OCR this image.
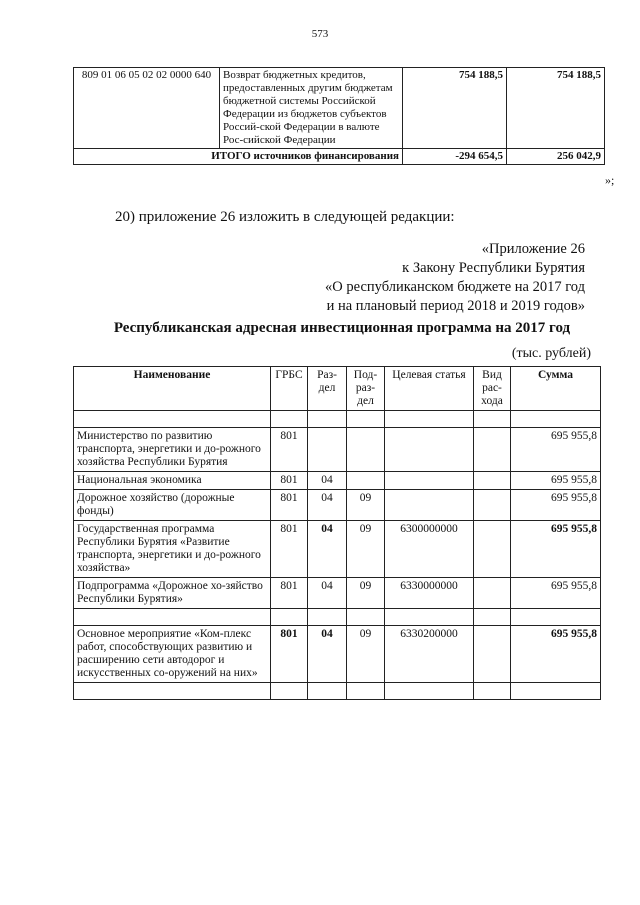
573
809 01 06 05 02 02 0000 640	Возврат бюджетных кредитов, предоставленных другим бюджетам бюджетной системы Российской Федерации из бюджетов субъектов Россий-ской Федерации в валюте Рос-сийской Федерации	754 188,5	754 188,5
ИТОГО источников финансирования		-294 654,5	256 042,9
»;
20) приложение 26 изложить в следующей редакции:
«Приложение 26
к Закону Республики Бурятия
«О республиканском бюджете на 2017 год
и на плановый период 2018 и 2019 годов»
Республиканская адресная инвестиционная программа на 2017 год
(тыс. рублей)
Наименование	ГРБС	Раз-дел	Под-раз-дел	Целевая статья	Вид рас-хода	Сумма

Министерство по развитию транспорта, энергетики и до-рожного хозяйства Республики Бурятия	801					695 955,8
Национальная экономика	801	04				695 955,8
Дорожное хозяйство (дорожные фонды)	801	04	09			695 955,8
Государственная программа Республики Бурятия «Развитие транспорта, энергетики и до-рожного хозяйства»	801	04	09	6300000000		695 955,8
Подпрограмма «Дорожное хо-зяйство Республики Бурятия»	801	04	09	6330000000		695 955,8

Основное мероприятие «Ком-плекс работ, способствующих развитию и расширению сети автодорог и искусственных со-оружений на них»	801	04	09	6330200000		695 955,8
